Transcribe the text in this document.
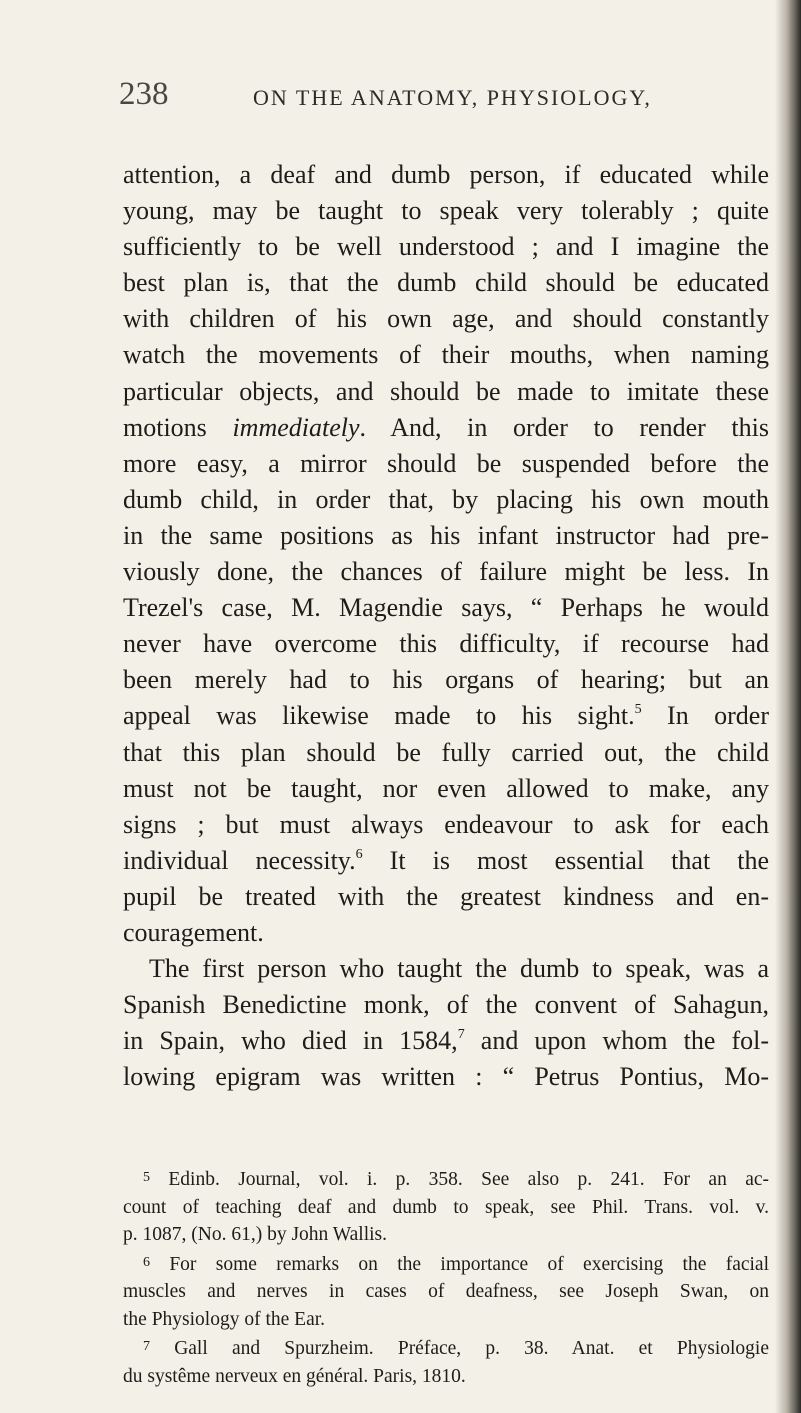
238	ON THE ANATOMY, PHYSIOLOGY,
attention, a deaf and dumb person, if educated while
young, may be taught to speak very tolerably ; quite
sufficiently to be well understood ; and I imagine the
best plan is, that the dumb child should be educated
with children of his own age, and should constantly
watch the movements of their mouths, when naming
particular objects, and should be made to imitate these
motions immediately. And, in order to render this
more easy, a mirror should be suspended before the
dumb child, in order that, by placing his own mouth
in the same positions as his infant instructor had pre-
viously done, the chances of failure might be less. In
Trezel's case, M. Magendie says, “ Perhaps he would
never have overcome this difficulty, if recourse had
been merely had to his organs of hearing; but an
appeal was likewise made to his sight.$^5$ In order
that this plan should be fully carried out, the child
must not be taught, nor even allowed to make, any
signs ; but must always endeavour to ask for each
individual necessity.$^6$ It is most essential that the
pupil be treated with the greatest kindness and en-
couragement.
The first person who taught the dumb to speak, was a
Spanish Benedictine monk, of the convent of Sahagun,
in Spain, who died in 1584,$^7$ and upon whom the fol-
lowing epigram was written : “ Petrus Pontius, Mo-
$^5$ Edinb. Journal, vol. i. p. 358. See also p. 241. For an ac-
count of teaching deaf and dumb to speak, see Phil. Trans. vol. v.
p. 1087, (No. 61,) by John Wallis.
$^6$ For some remarks on the importance of exercising the facial
muscles and nerves in cases of deafness, see Joseph Swan, on
the Physiology of the Ear.
$^7$ Gall and Spurzheim. Préface, p. 38. Anat. et Physiologie
du systême nerveux en général. Paris, 1810.
